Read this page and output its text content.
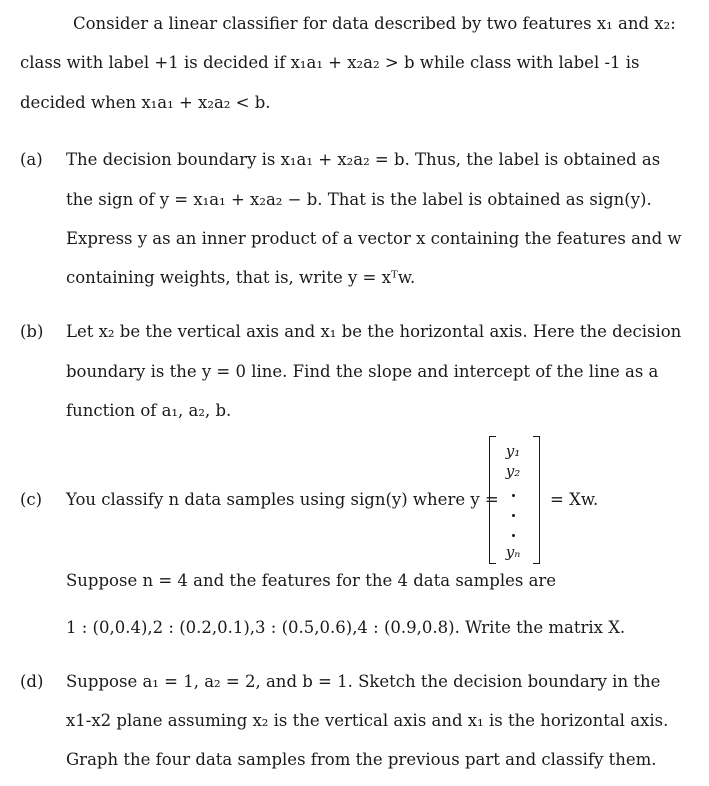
Consider a linear classifier for data described by two features x₁ and x₂:
class with label +1 is decided if x₁a₁ + x₂a₂ > b while class with label -1 is
decided when x₁a₁ + x₂a₂ < b.
(a) The decision boundary is x₁a₁ + x₂a₂ = b. Thus, the label is obtained as
the sign of y = x₁a₁ + x₂a₂ − b. That is the label is obtained as sign(y).
Express y as an inner product of a vector x containing the features and w
containing weights, that is, write y = xᵀw.
(b) Let x₂ be the vertical axis and x₁ be the horizontal axis. Here the decision
boundary is the y = 0 line. Find the slope and intercept of the line as a
function of a₁, a₂, b.
(c) You classify n data samples using sign(y) where y =
y₁
y₂
yₙ
= Xw.
Suppose n = 4 and the features for the 4 data samples are
1 : (0,0.4),2 : (0.2,0.1),3 : (0.5,0.6),4 : (0.9,0.8). Write the matrix X.
(d) Suppose a₁ = 1, a₂ = 2, and b = 1. Sketch the decision boundary in the
x1-x2 plane assuming x₂ is the vertical axis and x₁ is the horizontal axis.
Graph the four data samples from the previous part and classify them.
